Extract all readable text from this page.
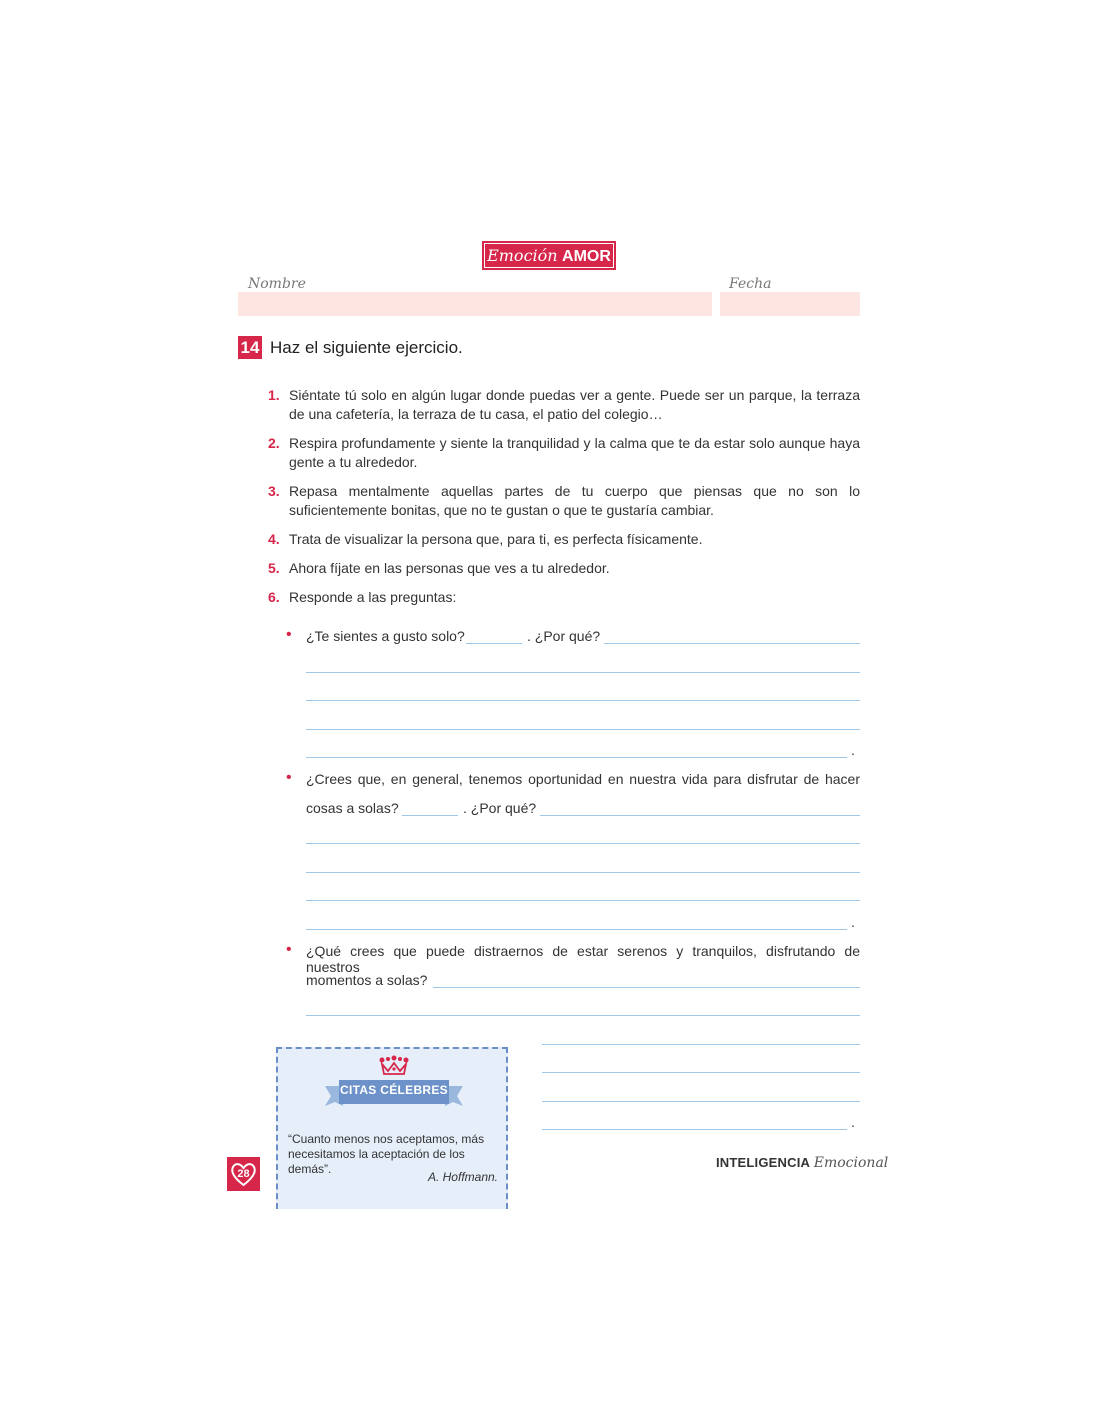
Emoción AMOR
Nombre	Fecha
14 Haz el siguiente ejercicio.
1. Siéntate tú solo en algún lugar donde puedas ver a gente. Puede ser un parque, la terraza de una cafetería, la terraza de tu casa, el patio del colegio…
2. Respira profundamente y siente la tranquilidad y la calma que te da estar solo aunque haya gente a tu alrededor.
3. Repasa mentalmente aquellas partes de tu cuerpo que piensas que no son lo suficientemente bonitas, que no te gustan o que te gustaría cambiar.
4. Trata de visualizar la persona que, para ti, es perfecta físicamente.
5. Ahora fíjate en las personas que ves a tu alrededor.
6. Responde a las preguntas:
• ¿Te sientes a gusto solo?	. ¿Por qué?
.
• ¿Crees que, en general, tenemos oportunidad en nuestra vida para disfrutar de hacer
cosas a solas?	. ¿Por qué?
.
• ¿Qué crees que puede distraernos de estar serenos y tranquilos, disfrutando de nuestros
momentos a solas?
.
CITAS CÉLEBRES
“Cuanto menos nos aceptamos, más necesitamos la aceptación de los demás”.
A. Hoffmann.
28
INTELIGENCIA Emocional
